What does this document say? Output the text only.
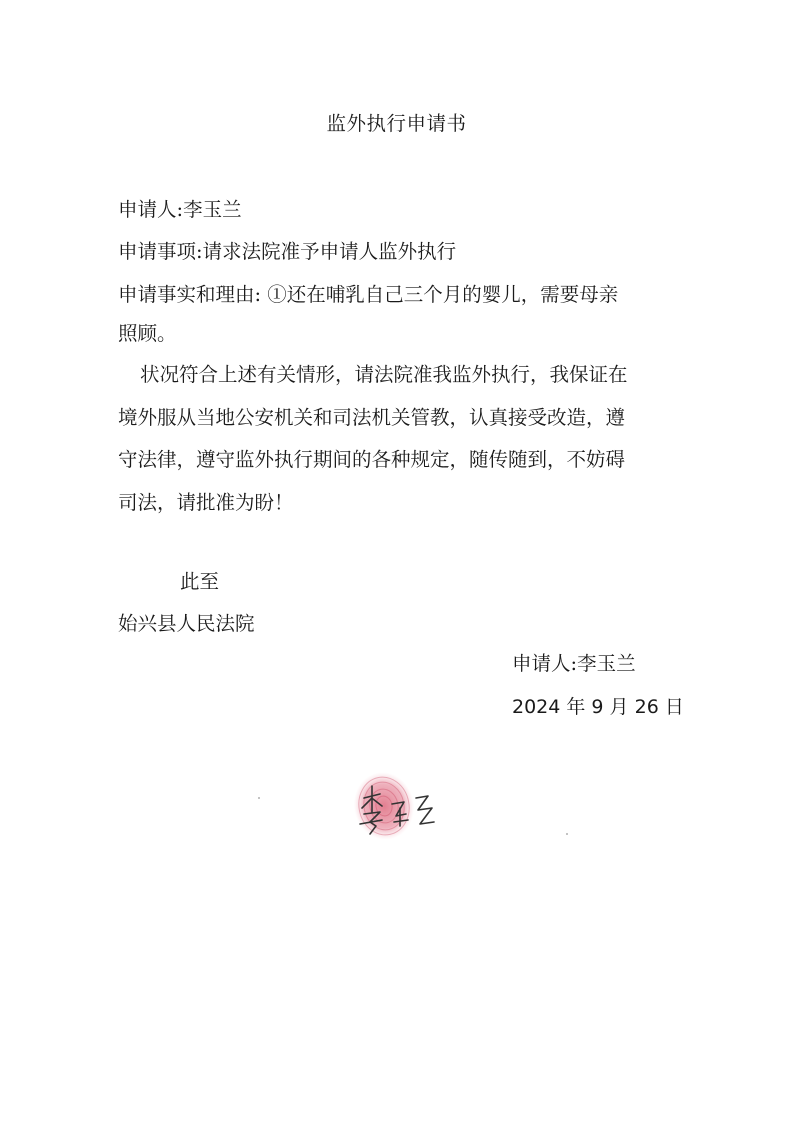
监外执行申请书
申请人:李玉兰
申请事项:请求法院准予申请人监外执行
申请事实和理由: ①还在哺乳自己三个月的婴儿，需要母亲
照顾。
状况符合上述有关情形，请法院准我监外执行，我保证在
境外服从当地公安机关和司法机关管教，认真接受改造，遵
守法律，遵守监外执行期间的各种规定，随传随到，不妨碍
司法，请批准为盼！
此至
始兴县人民法院
申请人:李玉兰
2024 年 9 月 26 日
